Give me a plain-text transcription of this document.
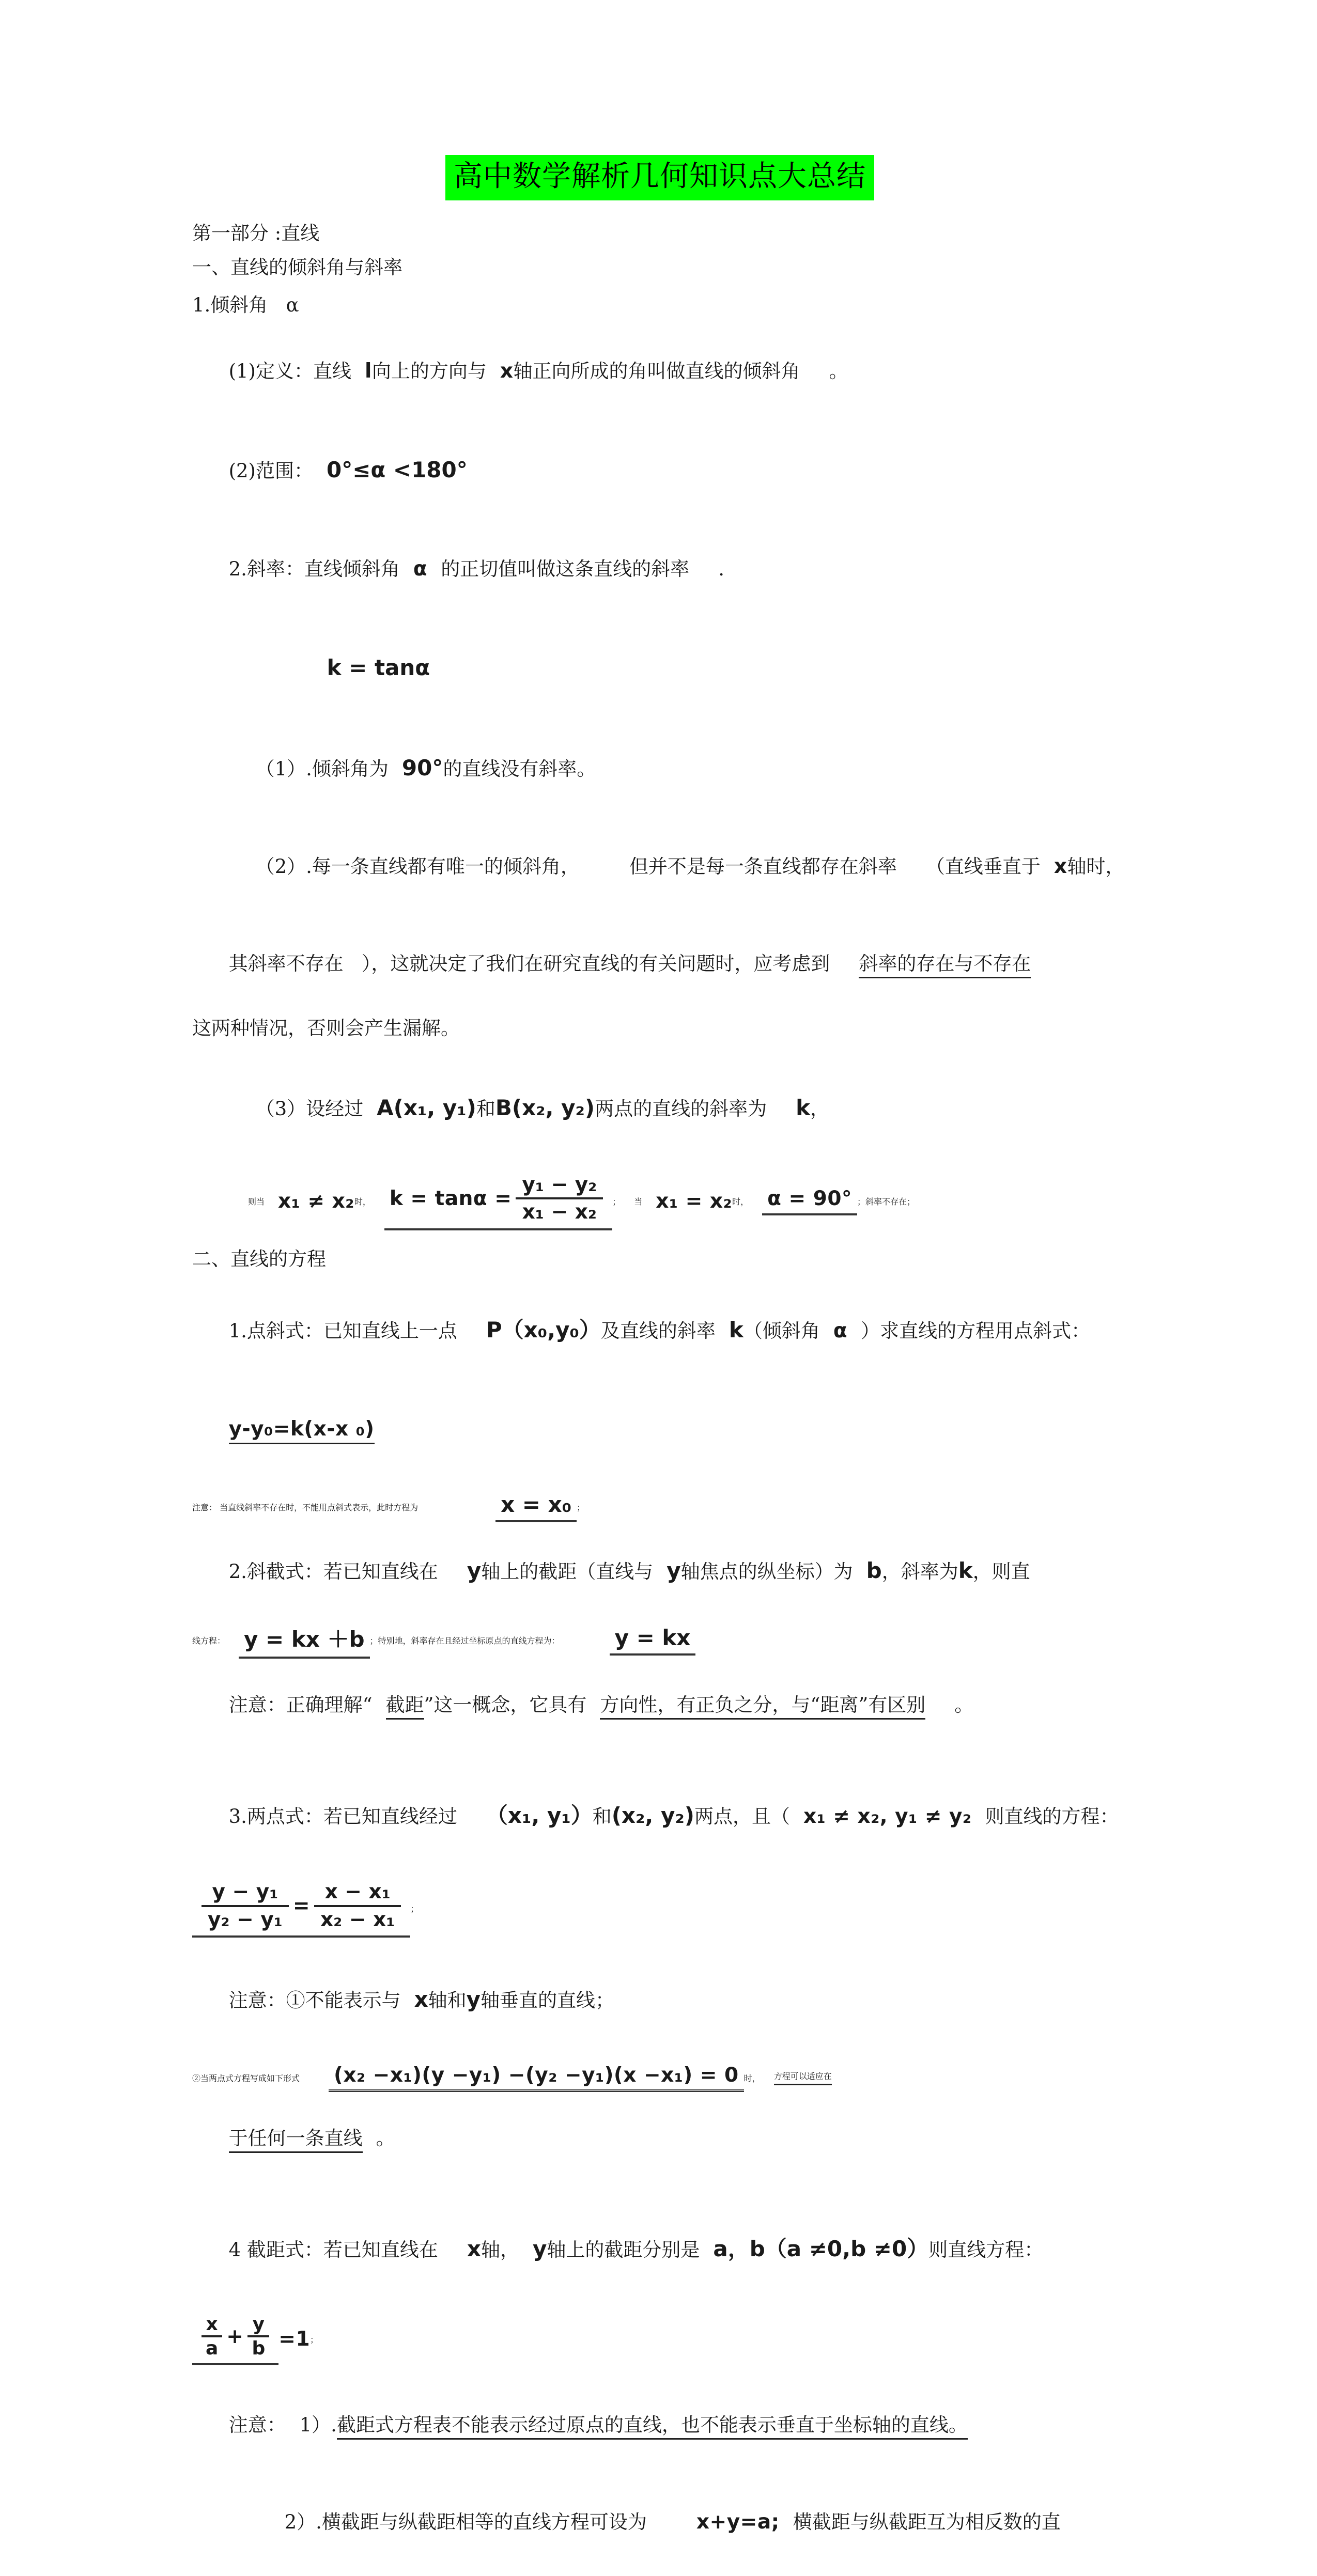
高中数学解析几何知识点大总结
第一部分 :直线
一、直线的倾斜角与斜率
1.倾斜角   α

(1)定义：直线 l向上的方向与 x轴正向所成的角叫做直线的倾斜角 。

(2)范围： 0°≤α <180°

2.斜率：直线倾斜角 α 的正切值叫做这条直线的斜率 .

k = tanα

（1）.倾斜角为 90°的直线没有斜率。

（2）.每一条直线都有唯一的倾斜角，	但并不是每一条直线都存在斜率 （直线垂直于 x轴时，

其斜率不存在   ），这就决定了我们在研究直线的有关问题时，应考虑到 斜率的存在与不存在

这两种情况，否则会产生漏解。

（3）设经过 A(x₁, y₁)和B(x₂, y₂)两点的直线的斜率为 k，

则当 x₁ ≠ x₂ 时， $k = \tan\alpha = \frac{\text{y₁ − y₂}}{\text{x₁ − x₂}}$ ； 当 x₁ = x₂ 时， α = 90° ；斜率不存在；
二、直线的方程

1.点斜式：已知直线上一点 P（x₀,y₀）及直线的斜率 k（倾斜角 α ）求直线的方程用点斜式：

y-y₀=k(x-x ₀)

注意： 当直线斜率不存在时，不能用点斜式表示，此时方程为	x = x₀ ；

2.斜截式：若已知直线在 y轴上的截距（直线与 y轴焦点的纵坐标）为 b，斜率为k，则直

线方程： y = kx ＋b ；特别地，斜率存在且经过坐标原点的直线方程为：	y = kx

注意：正确理解“ 截距”这一概念，它具有 方向性，有正负之分，与“距离”有区别 。

3.两点式：若已知直线经过 （x₁, y₁）和(x₂, y₂)两点，且（ x₁ ≠ x₂, y₁ ≠ y₂ 则直线的方程：

$\frac{\text{y − y₁}}{\text{y₂ − y₁}} = \frac{\text{x − x₁}}{\text{x₂ − x₁}}$ ；

注意：①不能表示与 x轴和y轴垂直的直线；

②当两点式方程写成如下形式 (x₂ −x₁)(y −y₁) −(y₂ −y₁)(x −x₁) = 0 时， 方程可以适应在

于任何一条直线 。

4 截距式：若已知直线在 x轴， y轴上的截距分别是 a，b（a ≠0,b ≠0）则直线方程：

$\frac{x}{a} + \frac{y}{b} =1$ ；

注意： 1）.截距式方程表不能表示经过原点的直线，也不能表示垂直于坐标轴的直线。

2）.横截距与纵截距相等的直线方程可设为 x+y=a; 横截距与纵截距互为相反数的直
